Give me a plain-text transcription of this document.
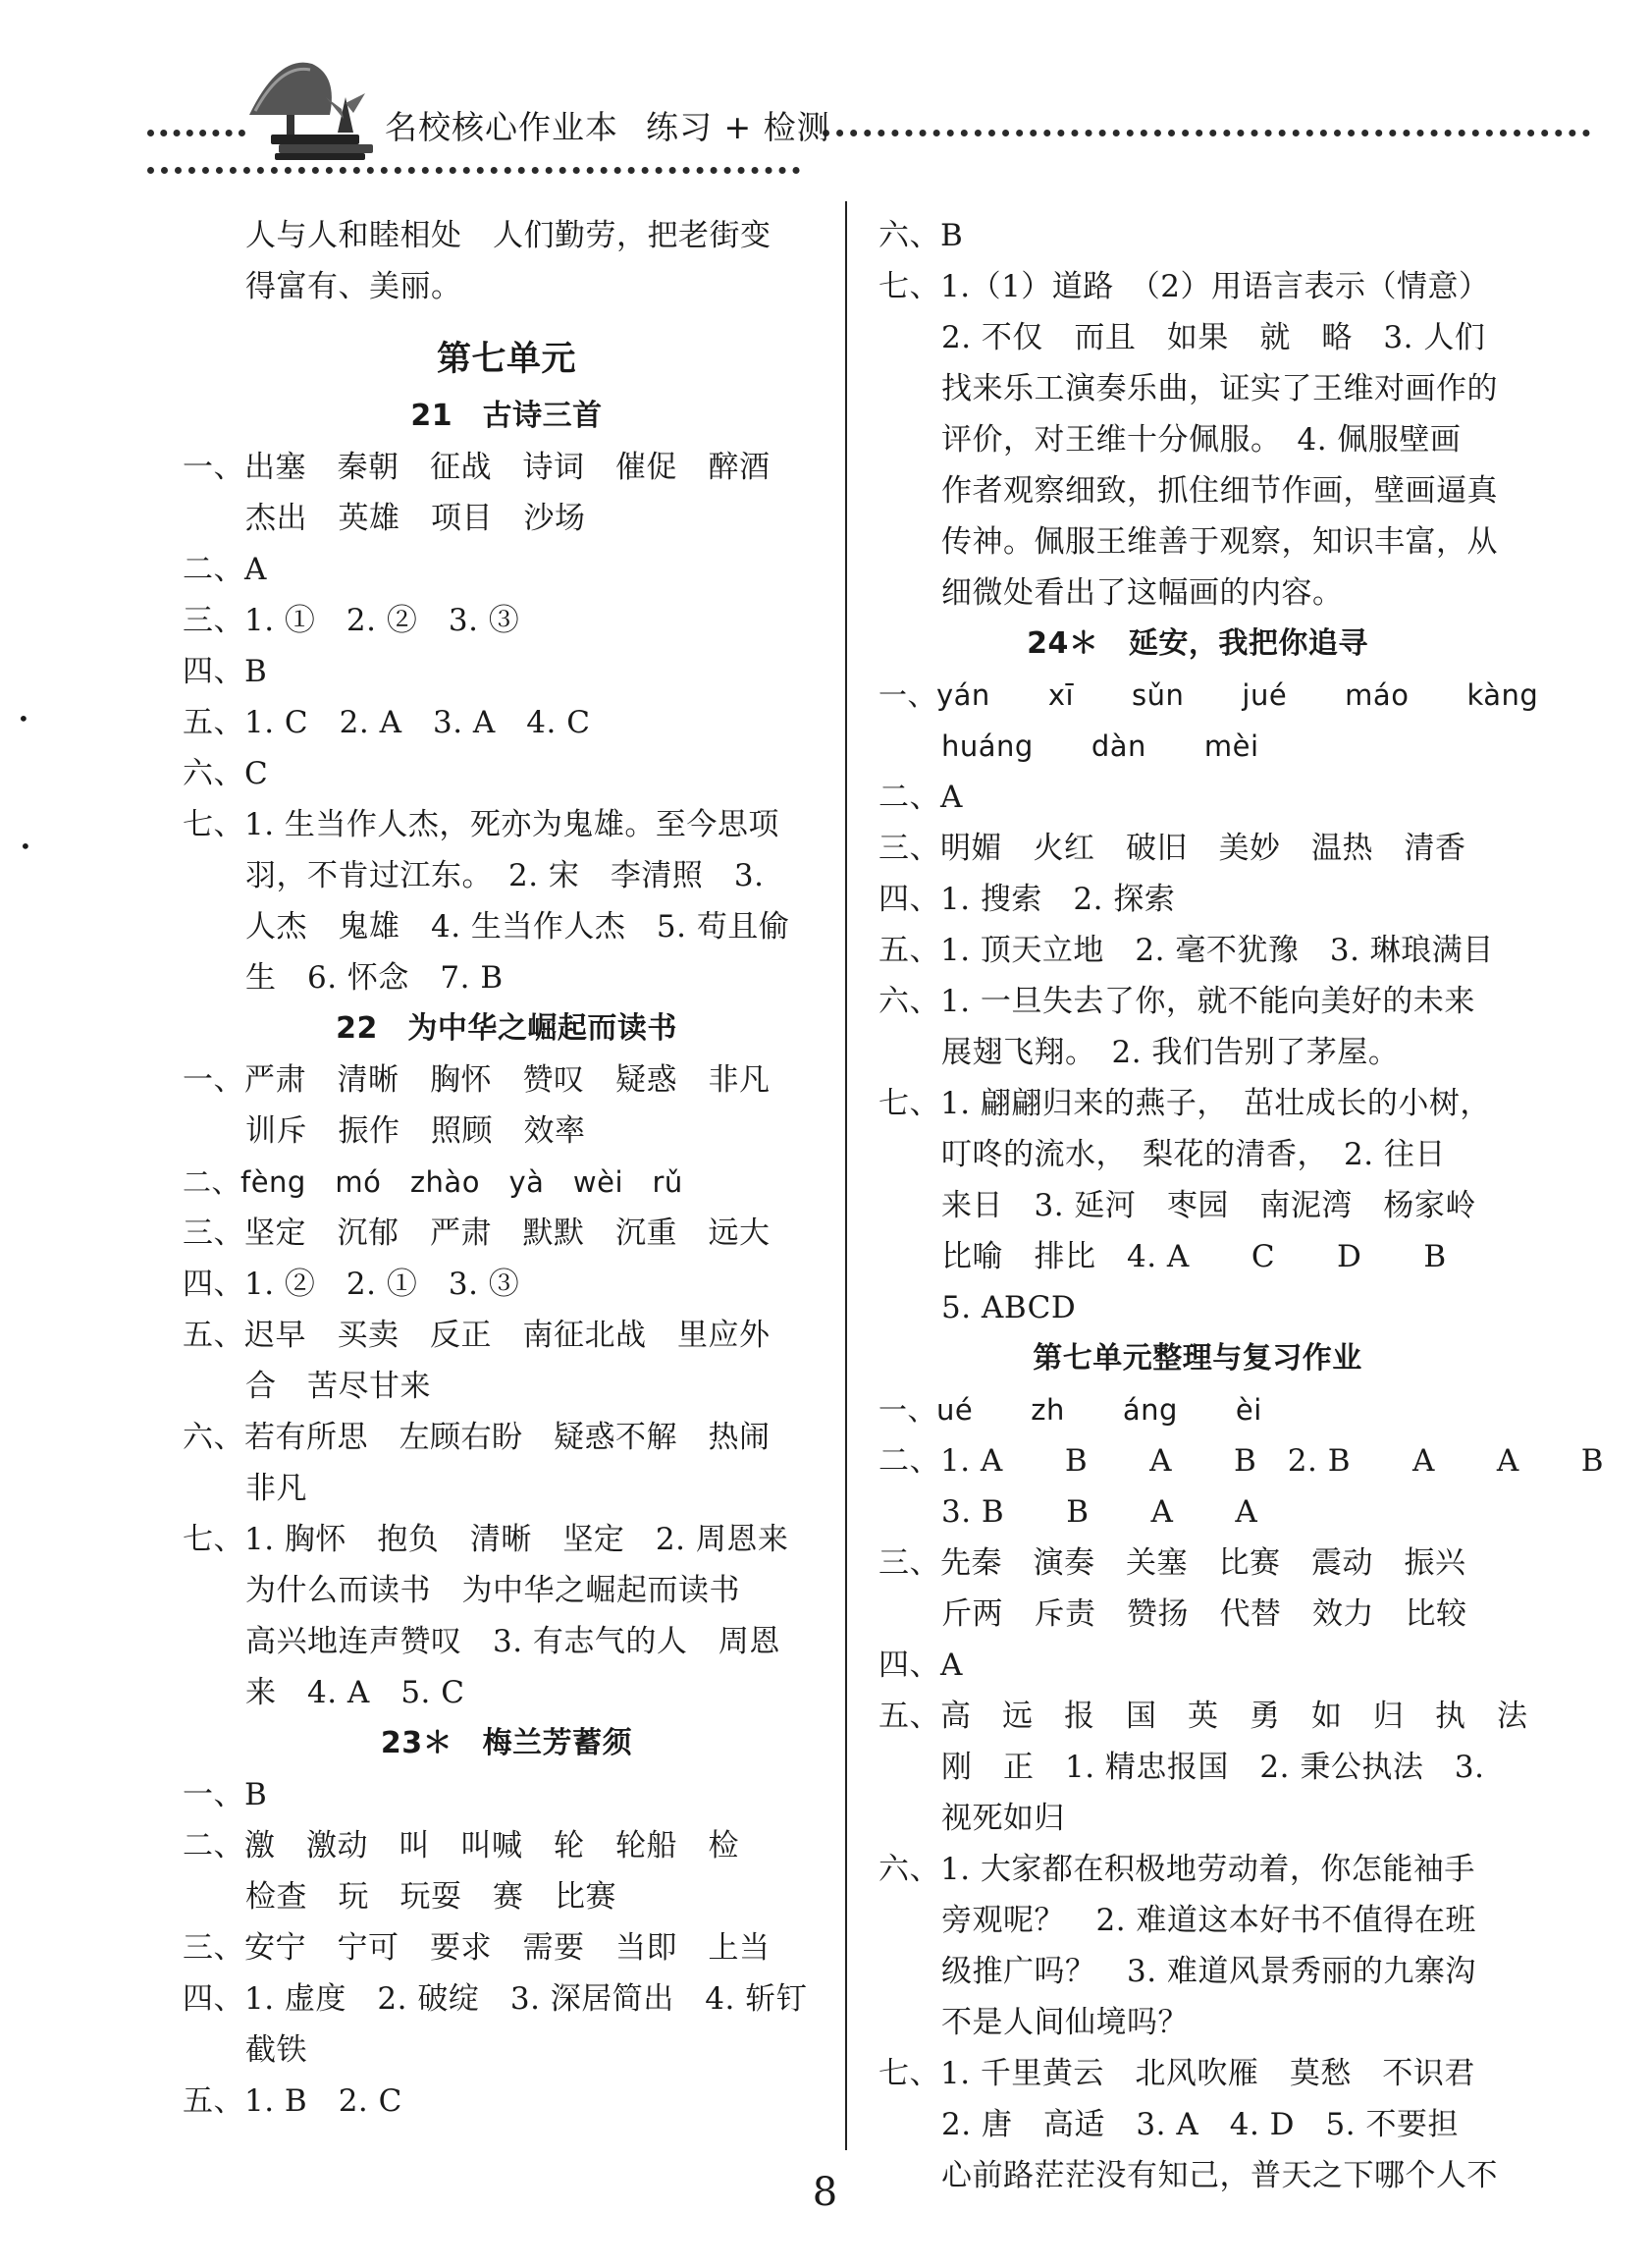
名校核心作业本 练习 + 检测
人与人和睦相处　人们勤劳，把老街变
得富有、美丽。
第七单元
21　古诗三首
一、出塞　秦朝　征战　诗词　催促　醉酒
杰出　英雄　项目　沙场
二、A
三、1. ①　2. ②　3. ③
四、B
五、1. C　2. A　3. A　4. C
六、C
七、1. 生当作人杰，死亦为鬼雄。至今思项
羽，不肯过江东。　2. 宋　李清照　3.
人杰　鬼雄　4. 生当作人杰　5. 苟且偷
生　6. 怀念　7. B
22　为中华之崛起而读书
一、严肃　清晰　胸怀　赞叹　疑惑　非凡
训斥　振作　照顾　效率
二、fèng　mó　zhào　yà　wèi　rǔ
三、坚定　沉郁　严肃　默默　沉重　远大
四、1. ②　2. ①　3. ③
五、迟早　买卖　反正　南征北战　里应外
合　苦尽甘来
六、若有所思　左顾右盼　疑惑不解　热闹
非凡
七、1. 胸怀　抱负　清晰　坚定　2. 周恩来
为什么而读书　为中华之崛起而读书
高兴地连声赞叹　3. 有志气的人　周恩
来　4. A　5. C
23＊　梅兰芳蓄须
一、B
二、激　激动　叫　叫喊　轮　轮船　检
检查　玩　玩耍　赛　比赛
三、安宁　宁可　要求　需要　当即　上当
四、1. 虚度　2. 破绽　3. 深居简出　4. 斩钉
截铁
五、1. B　2. C
六、B
七、1.（1）道路　（2）用语言表示（情意）
2. 不仅　而且　如果　就　略　3. 人们
找来乐工演奏乐曲，证实了王维对画作的
评价，对王维十分佩服。　4. 佩服壁画
作者观察细致，抓住细节作画，壁画逼真
传神。佩服王维善于观察，知识丰富，从
细微处看出了这幅画的内容。
24＊　延安，我把你追寻
一、yán　　xī　　sǔn　　jué　　máo　　kàng
huáng　　dàn　　mèi
二、A
三、明媚　火红　破旧　美妙　温热　清香
四、1. 搜索　2. 探索
五、1. 顶天立地　2. 毫不犹豫　3. 琳琅满目
六、1. 一旦失去了你，就不能向美好的未来
展翅飞翔。　2. 我们告别了茅屋。
七、1. 翩翩归来的燕子，　茁壮成长的小树，
叮咚的流水，　梨花的清香，　2. 往日
来日　3. 延河　枣园　南泥湾　杨家岭
比喻　排比　4. A　　C　　D　　B
5. ABCD
第七单元整理与复习作业
一、ué　　zh　　áng　　èi
二、1. A　　B　　A　　B　2. B　　A　　A　　B
3. B　　B　　A　　A
三、先秦　演奏　关塞　比赛　震动　振兴
斤两　斥责　赞扬　代替　效力　比较
四、A
五、高　远　报　国　英　勇　如　归　执　法
刚　正　1. 精忠报国　2. 秉公执法　3.
视死如归
六、1. 大家都在积极地劳动着，你怎能袖手
旁观呢？　2. 难道这本好书不值得在班
级推广吗？　3. 难道风景秀丽的九寨沟
不是人间仙境吗？
七、1. 千里黄云　北风吹雁　莫愁　不识君
2. 唐　高适　3. A　4. D　5. 不要担
心前路茫茫没有知己，普天之下哪个人不
•
•
8
